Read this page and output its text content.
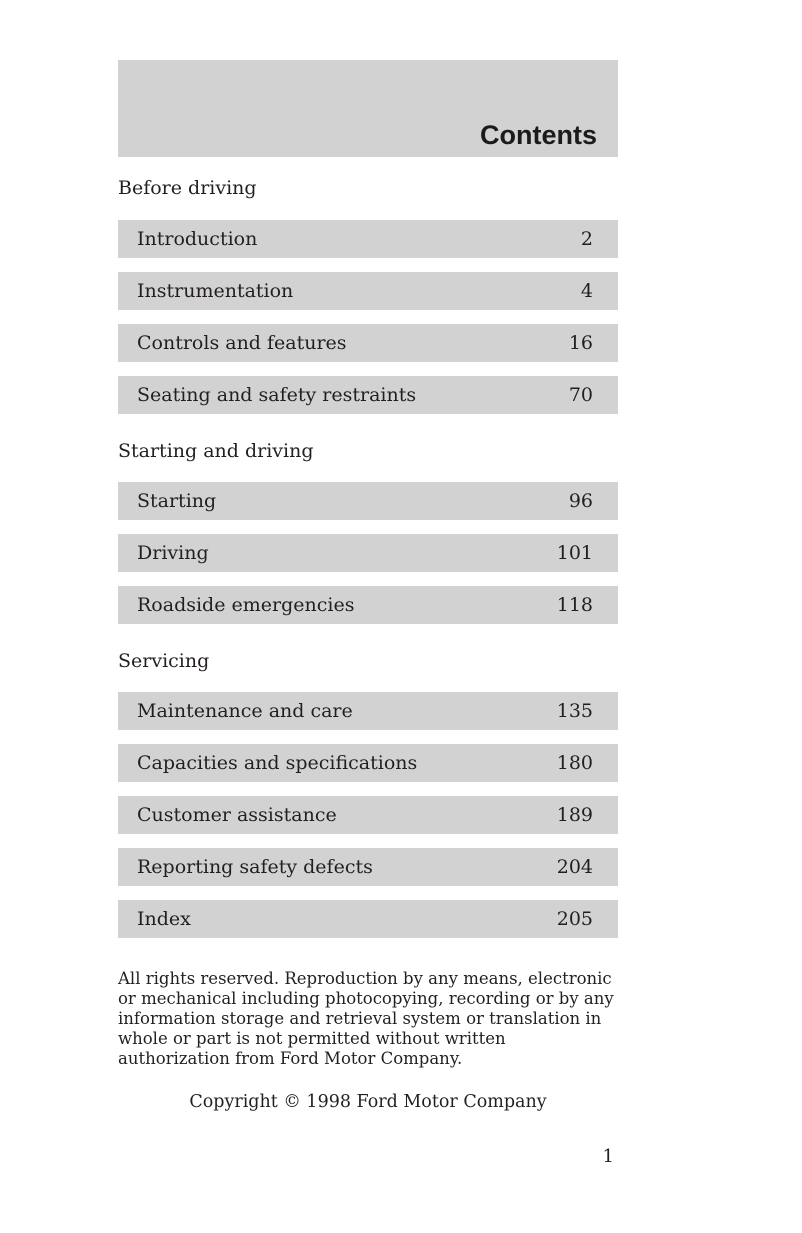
Contents
Before driving
Introduction	2
Instrumentation	4
Controls and features	16
Seating and safety restraints	70
Starting and driving
Starting	96
Driving	101
Roadside emergencies	118
Servicing
Maintenance and care	135
Capacities and specifications	180
Customer assistance	189
Reporting safety defects	204
Index	205

All rights reserved. Reproduction by any means, electronic
or mechanical including photocopying, recording or by any
information storage and retrieval system or translation in
whole or part is not permitted without written
authorization from Ford Motor Company.

Copyright © 1998 Ford Motor Company
1
